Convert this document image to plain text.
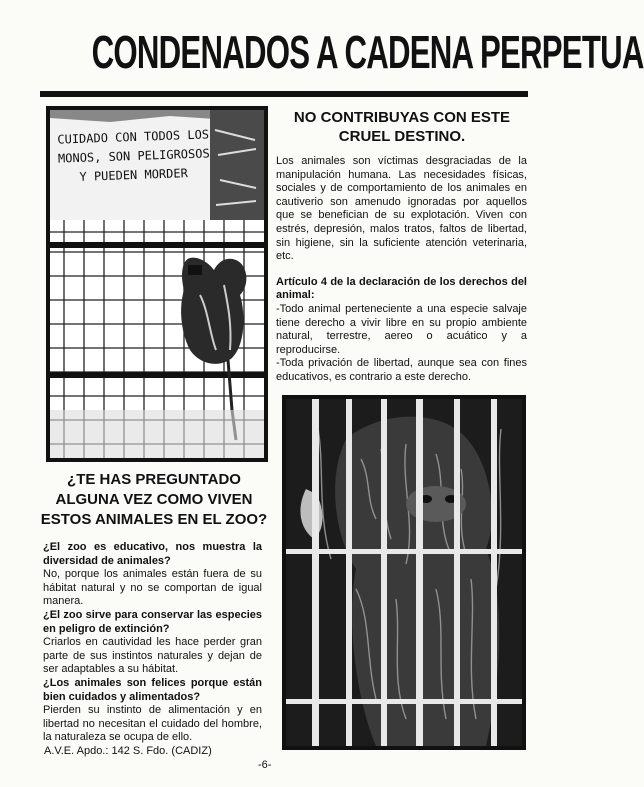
CONDENADOS A CADENA PERPETUA
CUIDADO CON TODOS LOS
MONOS, SON PELIGROSOS
Y PUEDEN MORDER
NO CONTRIBUYAS CON ESTE CRUEL DESTINO.

Los animales son víctimas desgraciadas de la manipulación humana. Las necesidades físicas, sociales y de comportamiento de los animales en cautiverio son amenudo ignoradas por aquellos que se benefician de su explotación. Viven con estrés, depresión, malos tratos, faltos de libertad, sin higiene, sin la suficiente atención veterinaria, etc.

Artículo 4 de la declaración de los derechos del animal:

-Todo animal perteneciente a una especie salvaje tiene derecho a vivir libre en su propio ambiente natural, terrestre, aereo o acuático y a reproducirse.

-Toda privación de libertad, aunque sea con fines educativos, es contrario a este derecho.

¿TE HAS PREGUNTADO ALGUNA VEZ COMO VIVEN ESTOS ANIMALES EN EL ZOO?

¿El zoo es educativo, nos muestra la diversidad de animales?

No, porque los animales están fuera de su hábitat natural y no se comportan de igual manera.

¿El zoo sirve para conservar las especies en peligro de extinción?

Criarlos en cautividad les hace perder gran parte de sus instintos naturales y dejan de ser adaptables a su hábitat.

¿Los animales son felices porque están bien cuidados y alimentados?

Pierden su instinto de alimentación y en libertad no necesitan el cuidado del hombre, la naturaleza se ocupa de ello.

A.V.E. Apdo.: 142 S. Fdo. (CADIZ)
-6-
